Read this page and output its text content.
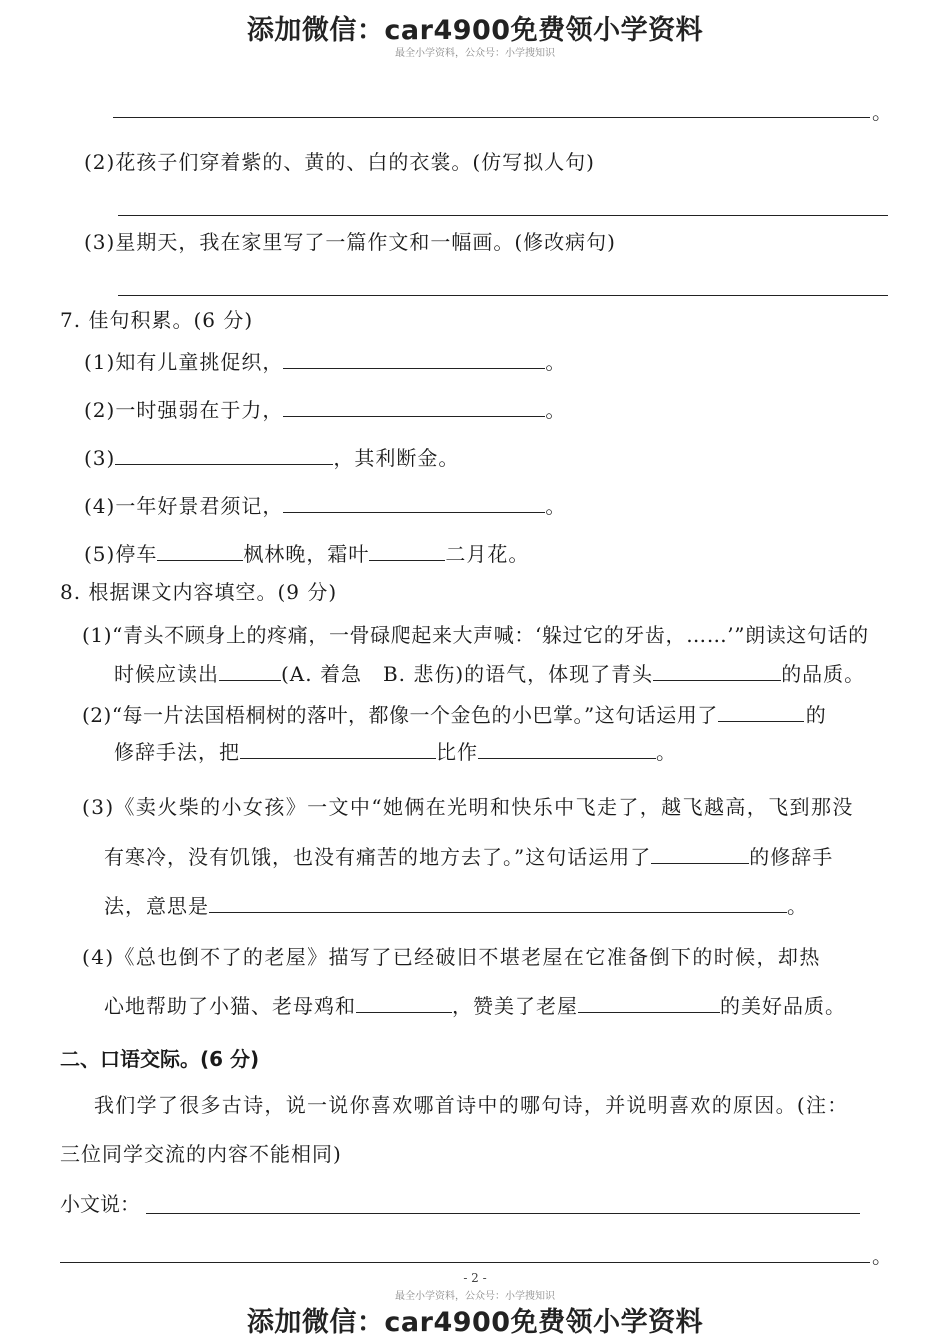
添加微信：car4900免费领小学资料
最全小学资料，公众号：小学搜知识
。
(2)花孩子们穿着紫的、黄的、白的衣裳。(仿写拟人句)
(3)星期天，我在家里写了一篇作文和一幅画。(修改病句)
7. 佳句积累。(6 分)
(1)知有儿童挑促织，	。
(2)一时强弱在于力，	。
(3)	，其利断金。
(4)一年好景君须记，	。
(5)停车	枫林晚，霜叶	二月花。
8. 根据课文内容填空。(9 分)
(1)“青头不顾身上的疼痛，一骨碌爬起来大声喊：‘躲过它的牙齿，……’”朗读这句话的
时候应读出	(A. 着急　B. 悲伤)的语气，体现了青头	的品质。
(2)“每一片法国梧桐树的落叶，都像一个金色的小巴掌。”这句话运用了	的
修辞手法，把	比作	。
(3)《卖火柴的小女孩》一文中“她俩在光明和快乐中飞走了，越飞越高，飞到那没
有寒冷，没有饥饿，也没有痛苦的地方去了。”这句话运用了	的修辞手
法，意思是	。
(4)《总也倒不了的老屋》描写了已经破旧不堪老屋在它准备倒下的时候，却热
心地帮助了小猫、老母鸡和	，赞美了老屋	的美好品质。
二、口语交际。(6 分)
我们学了很多古诗，说一说你喜欢哪首诗中的哪句诗，并说明喜欢的原因。(注：
三位同学交流的内容不能相同)
小文说：
。
- 2 -
最全小学资料，公众号：小学搜知识
添加微信：car4900免费领小学资料
